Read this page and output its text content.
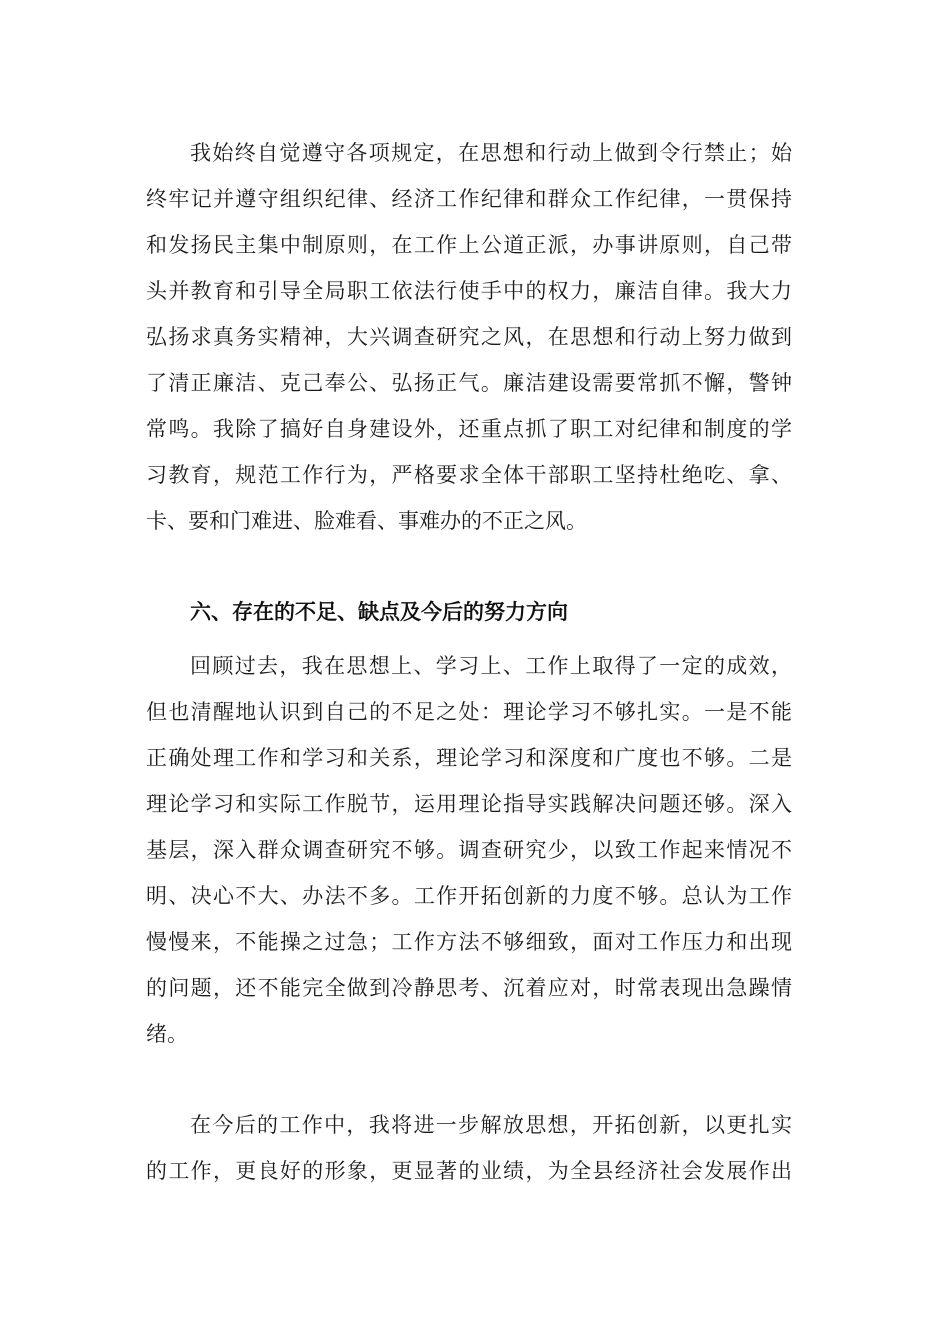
我始终自觉遵守各项规定，在思想和行动上做到令行禁止；始
终牢记并遵守组织纪律、经济工作纪律和群众工作纪律，一贯保持
和发扬民主集中制原则，在工作上公道正派，办事讲原则，自己带
头并教育和引导全局职工依法行使手中的权力，廉洁自律。我大力
弘扬求真务实精神，大兴调查研究之风，在思想和行动上努力做到
了清正廉洁、克己奉公、弘扬正气。廉洁建设需要常抓不懈，警钟
常鸣。我除了搞好自身建设外，还重点抓了职工对纪律和制度的学
习教育，规范工作行为，严格要求全体干部职工坚持杜绝吃、拿、
卡、要和门难进、脸难看、事难办的不正之风。
六、存在的不足、缺点及今后的努力方向
回顾过去，我在思想上、学习上、工作上取得了一定的成效，
但也清醒地认识到自己的不足之处：理论学习不够扎实。一是不能
正确处理工作和学习和关系，理论学习和深度和广度也不够。二是
理论学习和实际工作脱节，运用理论指导实践解决问题还够。深入
基层，深入群众调查研究不够。调查研究少，以致工作起来情况不
明、决心不大、办法不多。工作开拓创新的力度不够。总认为工作
慢慢来，不能操之过急；工作方法不够细致，面对工作压力和出现
的问题，还不能完全做到冷静思考、沉着应对，时常表现出急躁情
绪。
在今后的工作中，我将进一步解放思想，开拓创新，以更扎实
的工作，更良好的形象，更显著的业绩，为全县经济社会发展作出
